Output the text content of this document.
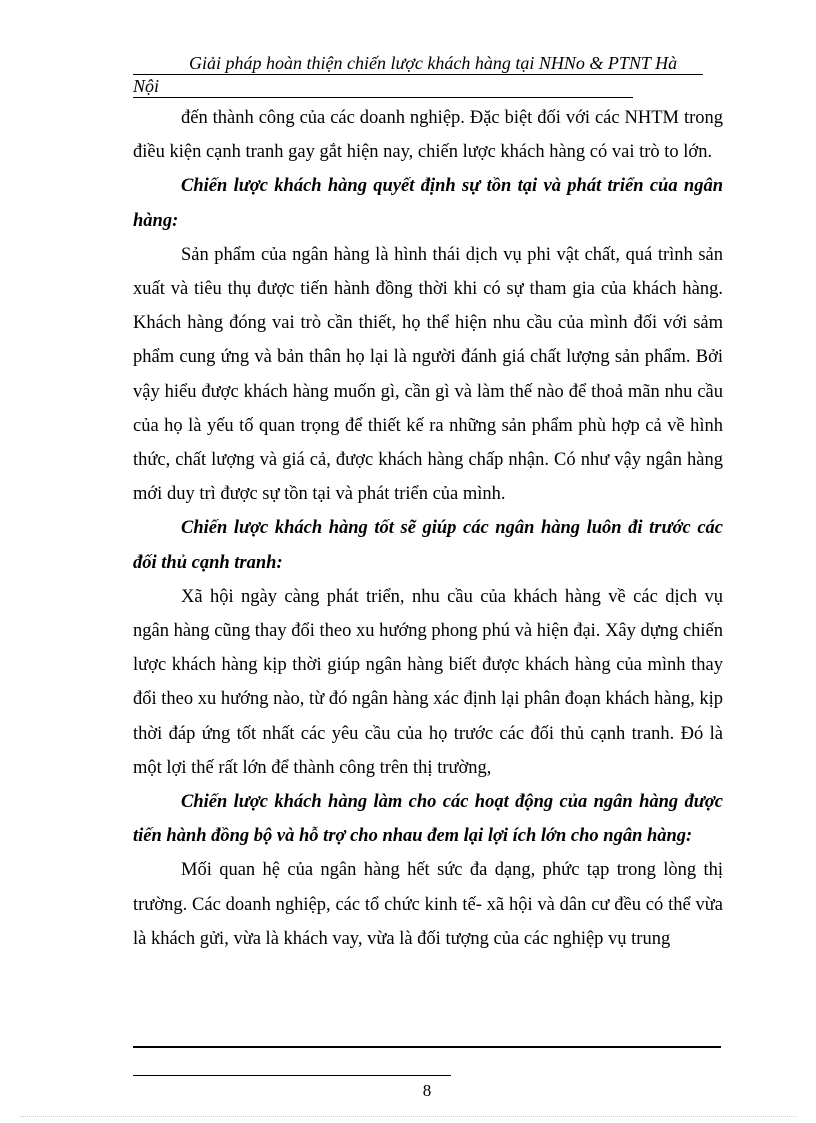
Giải pháp hoàn thiện chiến lược khách hàng tại NHNo & PTNT Hà
Nội

đến thành công của các doanh nghiệp. Đặc biệt đối với các NHTM trong điều kiện cạnh tranh gay gắt hiện nay, chiến lược khách hàng có vai trò to lớn.

Chiến lược khách hàng quyết định sự tồn tại và phát triển của ngân hàng:

Sản phẩm của ngân hàng là hình thái dịch vụ phi vật chất, quá trình sản xuất và tiêu thụ được tiến hành đồng thời khi có sự tham gia của khách hàng. Khách hàng đóng vai trò cần thiết, họ thể hiện nhu cầu của mình đối với sảm phẩm cung ứng và bản thân họ lại là người đánh giá chất lượng sản phẩm. Bởi vậy hiểu được khách hàng muốn gì, cần gì và làm thế nào để thoả mãn nhu cầu của họ là yếu tố quan trọng để thiết kế ra những sản phẩm phù hợp cả về hình thức, chất lượng và giá cả, được khách hàng chấp nhận. Có như vậy ngân hàng mới duy trì được sự tồn tại và phát triển của mình.

Chiến lược khách hàng tốt sẽ giúp các ngân hàng luôn đi trước các đối thủ cạnh tranh:

Xã hội ngày càng phát triển, nhu cầu của khách hàng về các dịch vụ ngân hàng cũng thay đổi theo xu hướng phong phú và hiện đại. Xây dựng chiến lược khách hàng kịp thời giúp ngân hàng biết được khách hàng của mình thay đổi theo xu hướng nào, từ đó ngân hàng xác định lại phân đoạn khách hàng, kịp thời đáp ứng tốt nhất các yêu cầu của họ trước các đối thủ cạnh tranh. Đó là một lợi thế rất lớn để thành công trên thị trường,

Chiến lược khách hàng làm cho các hoạt động của ngân hàng được tiến hành đồng bộ và hỗ trợ cho nhau đem lại lợi ích lớn cho ngân hàng:

Mối quan hệ của ngân hàng hết sức đa dạng, phức tạp trong lòng thị trường. Các doanh nghiệp, các tổ chức kinh tế- xã hội và dân cư đều có thể vừa là khách gửi, vừa là khách vay, vừa là đối tượng của các nghiệp vụ trung

8
